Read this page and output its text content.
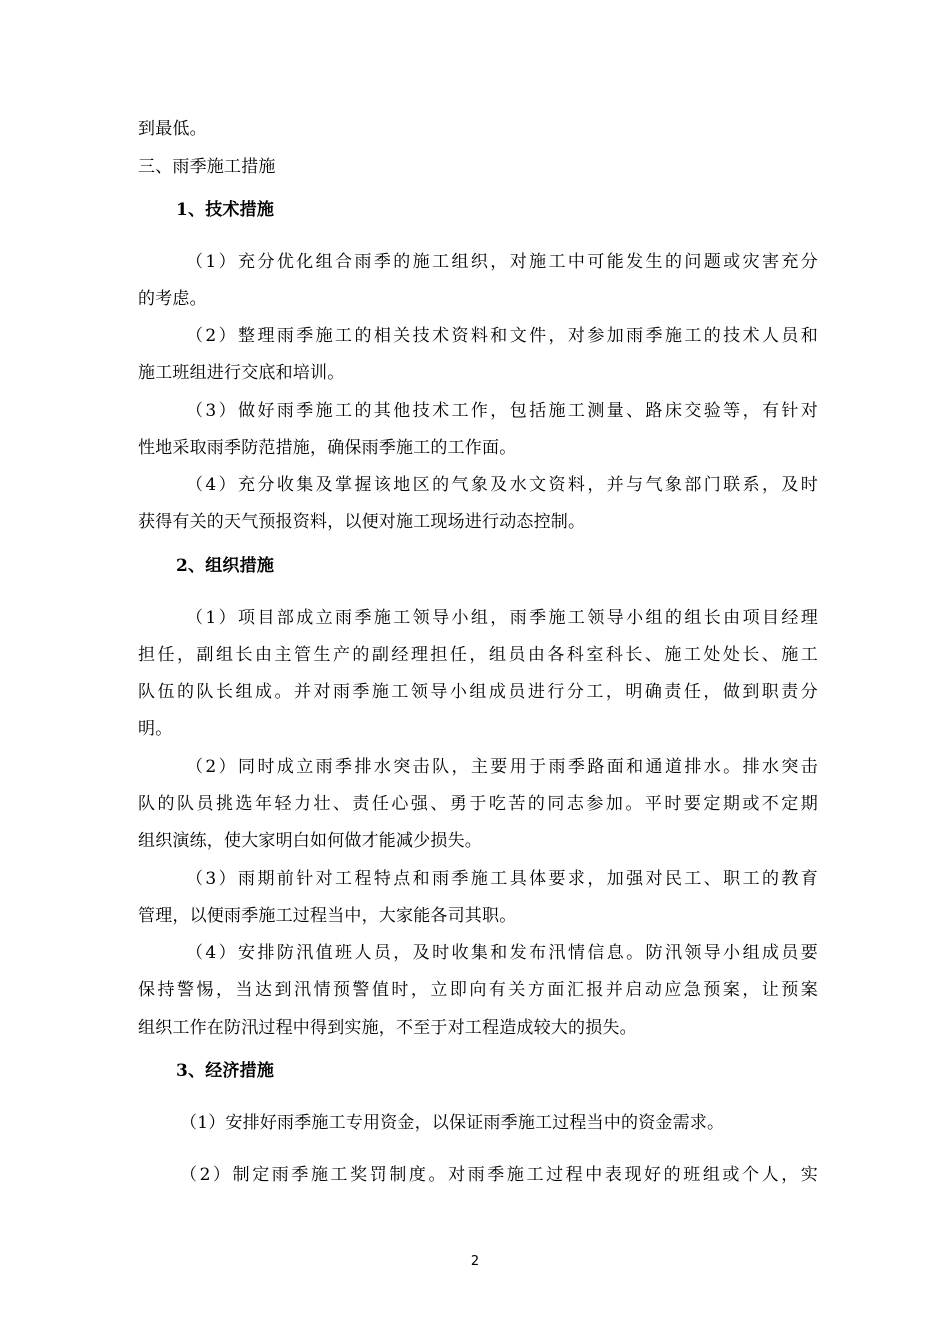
到最低。
三、雨季施工措施
1、技术措施
（1）充分优化组合雨季的施工组织，对施工中可能发生的问题或灾害充分
的考虑。
（2）整理雨季施工的相关技术资料和文件，对参加雨季施工的技术人员和
施工班组进行交底和培训。
（3）做好雨季施工的其他技术工作，包括施工测量、路床交验等，有针对
性地采取雨季防范措施，确保雨季施工的工作面。
（4）充分收集及掌握该地区的气象及水文资料，并与气象部门联系，及时
获得有关的天气预报资料，以便对施工现场进行动态控制。
2、组织措施
（1）项目部成立雨季施工领导小组，雨季施工领导小组的组长由项目经理
担任，副组长由主管生产的副经理担任，组员由各科室科长、施工处处长、施工
队伍的队长组成。并对雨季施工领导小组成员进行分工，明确责任，做到职责分
明。
（2）同时成立雨季排水突击队，主要用于雨季路面和通道排水。排水突击
队的队员挑选年轻力壮、责任心强、勇于吃苦的同志参加。平时要定期或不定期
组织演练，使大家明白如何做才能减少损失。
（3）雨期前针对工程特点和雨季施工具体要求，加强对民工、职工的教育
管理，以便雨季施工过程当中，大家能各司其职。
（4）安排防汛值班人员，及时收集和发布汛情信息。防汛领导小组成员要
保持警惕，当达到汛情预警值时，立即向有关方面汇报并启动应急预案，让预案
组织工作在防汛过程中得到实施，不至于对工程造成较大的损失。
3、经济措施
（1）安排好雨季施工专用资金，以保证雨季施工过程当中的资金需求。
（2）制定雨季施工奖罚制度。对雨季施工过程中表现好的班组或个人，实
2
